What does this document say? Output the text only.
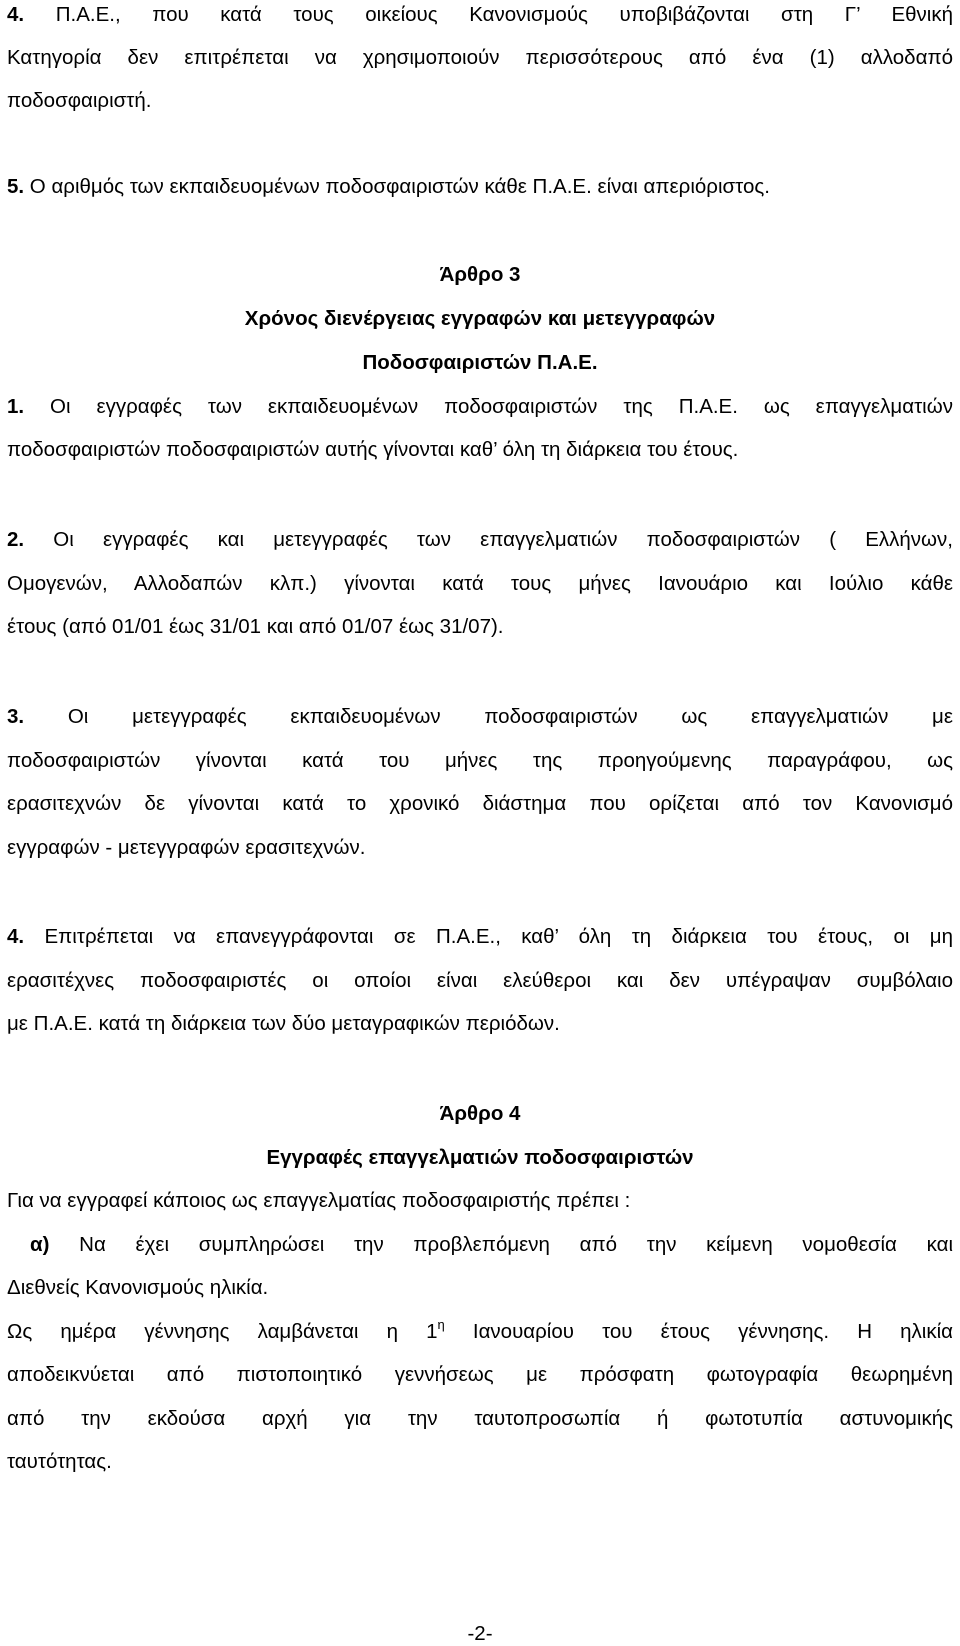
4. Π.Α.Ε., που κατά τους οικείους Κανονισμούς υποβιβάζονται στη Γ’ Εθνική
Κατηγορία δεν επιτρέπεται να χρησιμοποιούν περισσότερους από ένα (1) αλλοδαπό
ποδοσφαιριστή.
5. Ο αριθμός των εκπαιδευομένων ποδοσφαιριστών κάθε Π.Α.Ε. είναι απεριόριστος.
Άρθρο 3
Χρόνος διενέργειας εγγραφών και μετεγγραφών
Ποδοσφαιριστών Π.Α.Ε.
1. Οι εγγραφές των εκπαιδευομένων ποδοσφαιριστών της Π.Α.Ε. ως επαγγελματιών
ποδοσφαιριστών ποδοσφαιριστών αυτής γίνονται καθ’ όλη τη διάρκεια του έτους.
2. Οι εγγραφές και μετεγγραφές των επαγγελματιών ποδοσφαιριστών ( Ελλήνων,
Ομογενών, Αλλοδαπών κλπ.) γίνονται κατά τους μήνες Ιανουάριο και Ιούλιο κάθε
έτους (από 01/01 έως 31/01 και από 01/07 έως 31/07).
3. Οι μετεγγραφές εκπαιδευομένων ποδοσφαιριστών ως επαγγελματιών με
ποδοσφαιριστών γίνονται κατά του μήνες της προηγούμενης παραγράφου, ως
ερασιτεχνών δε γίνονται κατά το χρονικό διάστημα που ορίζεται από τον Κανονισμό
εγγραφών - μετεγγραφών ερασιτεχνών.
4. Επιτρέπεται να επανεγγράφονται σε Π.Α.Ε., καθ’ όλη τη διάρκεια του έτους, οι μη
ερασιτέχνες ποδοσφαιριστές οι οποίοι είναι ελεύθεροι και δεν υπέγραψαν συμβόλαιο
με Π.Α.Ε. κατά τη διάρκεια των δύο μεταγραφικών περιόδων.
Άρθρο 4
Εγγραφές επαγγελματιών ποδοσφαιριστών
Για να εγγραφεί κάποιος ως επαγγελματίας ποδοσφαιριστής πρέπει :
α) Να έχει συμπληρώσει την προβλεπόμενη από την κείμενη νομοθεσία και
Διεθνείς Κανονισμούς ηλικία.
Ως ημέρα γέννησης λαμβάνεται η $1^\eta$ Ιανουαρίου του έτους γέννησης. Η ηλικία
αποδεικνύεται από πιστοποιητικό γεννήσεως με πρόσφατη φωτογραφία θεωρημένη
από την εκδούσα αρχή για την ταυτοπροσωπία ή φωτοτυπία αστυνομικής
ταυτότητας.
-2-
